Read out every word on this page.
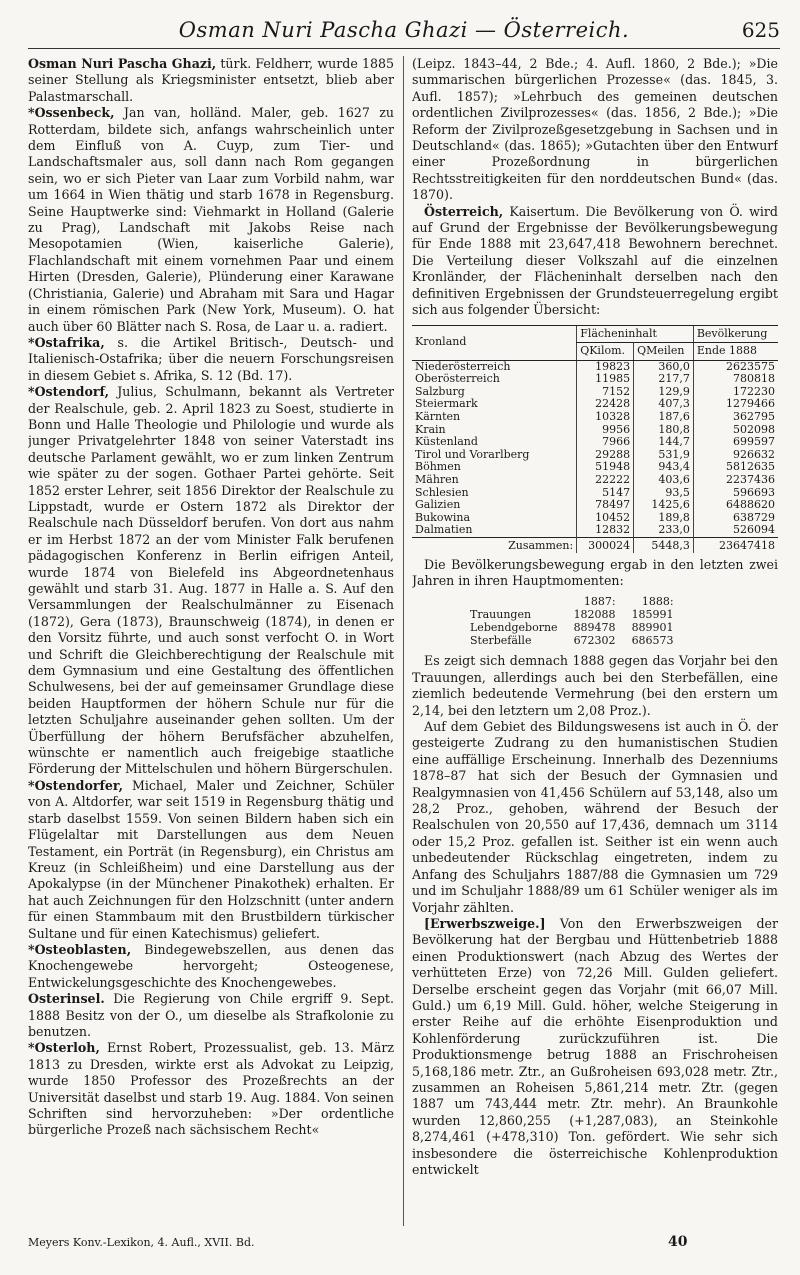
Osman Nuri Pascha Ghazi — Österreich.	625

Osman Nuri Pascha Ghazi, türk. Feldherr, wurde 1885 seiner Stellung als Kriegsminister entsetzt, blieb aber Palastmarschall.

*Ossenbeck, Jan van, holländ. Maler, geb. 1627 zu Rotterdam, bildete sich, anfangs wahrscheinlich unter dem Einfluß von A. Cuyp, zum Tier- und Landschaftsmaler aus, soll dann nach Rom gegangen sein, wo er sich Pieter van Laar zum Vorbild nahm, war um 1664 in Wien thätig und starb 1678 in Regensburg. Seine Hauptwerke sind: Viehmarkt in Holland (Galerie zu Prag), Landschaft mit Jakobs Reise nach Mesopotamien (Wien, kaiserliche Galerie), Flachlandschaft mit einem vornehmen Paar und einem Hirten (Dresden, Galerie), Plünderung einer Karawane (Christiania, Galerie) und Abraham mit Sara und Hagar in einem römischen Park (New York, Museum). O. hat auch über 60 Blätter nach S. Rosa, de Laar u. a. radiert.

*Ostafrika, s. die Artikel Britisch-, Deutsch- und Italienisch-Ostafrika; über die neuern Forschungsreisen in diesem Gebiet s. Afrika, S. 12 (Bd. 17).

*Ostendorf, Julius, Schulmann, bekannt als Vertreter der Realschule, geb. 2. April 1823 zu Soest, studierte in Bonn und Halle Theologie und Philologie und wurde als junger Privatgelehrter 1848 von seiner Vaterstadt ins deutsche Parlament gewählt, wo er zum linken Zentrum wie später zu der sogen. Gothaer Partei gehörte. Seit 1852 erster Lehrer, seit 1856 Direktor der Realschule zu Lippstadt, wurde er Ostern 1872 als Direktor der Realschule nach Düsseldorf berufen. Von dort aus nahm er im Herbst 1872 an der vom Minister Falk berufenen pädagogischen Konferenz in Berlin eifrigen Anteil, wurde 1874 von Bielefeld ins Abgeordnetenhaus gewählt und starb 31. Aug. 1877 in Halle a. S. Auf den Versammlungen der Realschulmänner zu Eisenach (1872), Gera (1873), Braunschweig (1874), in denen er den Vorsitz führte, und auch sonst verfocht O. in Wort und Schrift die Gleichberechtigung der Realschule mit dem Gymnasium und eine Gestaltung des öffentlichen Schulwesens, bei der auf gemeinsamer Grundlage diese beiden Hauptformen der höhern Schule nur für die letzten Schuljahre auseinander gehen sollten. Um der Überfüllung der höhern Berufsfächer abzuhelfen, wünschte er namentlich auch freigebige staatliche Förderung der Mittelschulen und höhern Bürgerschulen.

*Ostendorfer, Michael, Maler und Zeichner, Schüler von A. Altdorfer, war seit 1519 in Regensburg thätig und starb daselbst 1559. Von seinen Bildern haben sich ein Flügelaltar mit Darstellungen aus dem Neuen Testament, ein Porträt (in Regensburg), ein Christus am Kreuz (in Schleißheim) und eine Darstellung aus der Apokalypse (in der Münchener Pinakothek) erhalten. Er hat auch Zeichnungen für den Holzschnitt (unter andern für einen Stammbaum mit den Brustbildern türkischer Sultane und für einen Katechismus) geliefert.

*Osteoblasten, Bindegewebszellen, aus denen das Knochengewebe hervorgeht; Osteogenese, Entwickelungsgeschichte des Knochengewebes.

Osterinsel. Die Regierung von Chile ergriff 9. Sept. 1888 Besitz von der O., um dieselbe als Strafkolonie zu benutzen.

*Osterloh, Ernst Robert, Prozessualist, geb. 13. März 1813 zu Dresden, wirkte erst als Advokat zu Leipzig, wurde 1850 Professor des Prozeßrechts an der Universität daselbst und starb 19. Aug. 1884. Von seinen Schriften sind hervorzuheben: »Der ordentliche bürgerliche Prozeß nach sächsischem Recht«

(Leipz. 1843–44, 2 Bde.; 4. Aufl. 1860, 2 Bde.); »Die summarischen bürgerlichen Prozesse« (das. 1845, 3. Aufl. 1857); »Lehrbuch des gemeinen deutschen ordentlichen Zivilprozesses« (das. 1856, 2 Bde.); »Die Reform der Zivilprozeßgesetzgebung in Sachsen und in Deutschland« (das. 1865); »Gutachten über den Entwurf einer Prozeßordnung in bürgerlichen Rechtsstreitigkeiten für den norddeutschen Bund« (das. 1870).

Österreich, Kaisertum. Die Bevölkerung von Ö. wird auf Grund der Ergebnisse der Bevölkerungsbewegung für Ende 1888 mit 23,647,418 Bewohnern berechnet. Die Verteilung dieser Volkszahl auf die einzelnen Kronländer, der Flächeninhalt derselben nach den definitiven Ergebnissen der Grundsteuerregelung ergibt sich aus folgender Übersicht:

Kronland	Flächeninhalt		Bevölkerung
	QKilom.	QMeilen	Ende 1888
Niederösterreich	19823	360,0	2623575
Oberösterreich	11985	217,7	780818
Salzburg	7152	129,9	172230
Steiermark	22428	407,3	1279466
Kärnten	10328	187,6	362795
Krain	9956	180,8	502098
Küstenland	7966	144,7	699597
Tirol und Vorarlberg	29288	531,9	926632
Böhmen	51948	943,4	5812635
Mähren	22222	403,6	2237436
Schlesien	5147	93,5	596693
Galizien	78497	1425,6	6488620
Bukowina	10452	189,8	638729
Dalmatien	12832	233,0	526094
Zusammen:	300024	5448,3	23647418

Die Bevölkerungsbewegung ergab in den letzten zwei Jahren in ihren Hauptmomenten:

	1887:	1888:
Trauungen	182088	185991
Lebendgeborne	889478	889901
Sterbefälle	672302	686573

Es zeigt sich demnach 1888 gegen das Vorjahr bei den Trauungen, allerdings auch bei den Sterbefällen, eine ziemlich bedeutende Vermehrung (bei den erstern um 2,14, bei den letztern um 2,08 Proz.).

Auf dem Gebiet des Bildungswesens ist auch in Ö. der gesteigerte Zudrang zu den humanistischen Studien eine auffällige Erscheinung. Innerhalb des Dezenniums 1878–87 hat sich der Besuch der Gymnasien und Realgymnasien von 41,456 Schülern auf 53,148, also um 28,2 Proz., gehoben, während der Besuch der Realschulen von 20,550 auf 17,436, demnach um 3114 oder 15,2 Proz. gefallen ist. Seither ist ein wenn auch unbedeutender Rückschlag eingetreten, indem zu Anfang des Schuljahrs 1887/88 die Gymnasien um 729 und im Schuljahr 1888/89 um 61 Schüler weniger als im Vorjahr zählten.

[Erwerbszweige.] Von den Erwerbszweigen der Bevölkerung hat der Bergbau und Hüttenbetrieb 1888 einen Produktionswert (nach Abzug des Wertes der verhütteten Erze) von 72,26 Mill. Gulden geliefert. Derselbe erscheint gegen das Vorjahr (mit 66,07 Mill. Guld.) um 6,19 Mill. Guld. höher, welche Steigerung in erster Reihe auf die erhöhte Eisenproduktion und Kohlenförderung zurückzuführen ist. Die Produktionsmenge betrug 1888 an Frischroheisen 5,168,186 metr. Ztr., an Gußroheisen 693,028 metr. Ztr., zusammen an Roheisen 5,861,214 metr. Ztr. (gegen 1887 um 743,444 metr. Ztr. mehr). An Braunkohle wurden 12,860,255 (+1,287,083), an Steinkohle 8,274,461 (+478,310) Ton. gefördert. Wie sehr sich insbesondere die österreichische Kohlenproduktion entwickelt

Meyers Konv.-Lexikon, 4. Aufl., XVII. Bd.	40
